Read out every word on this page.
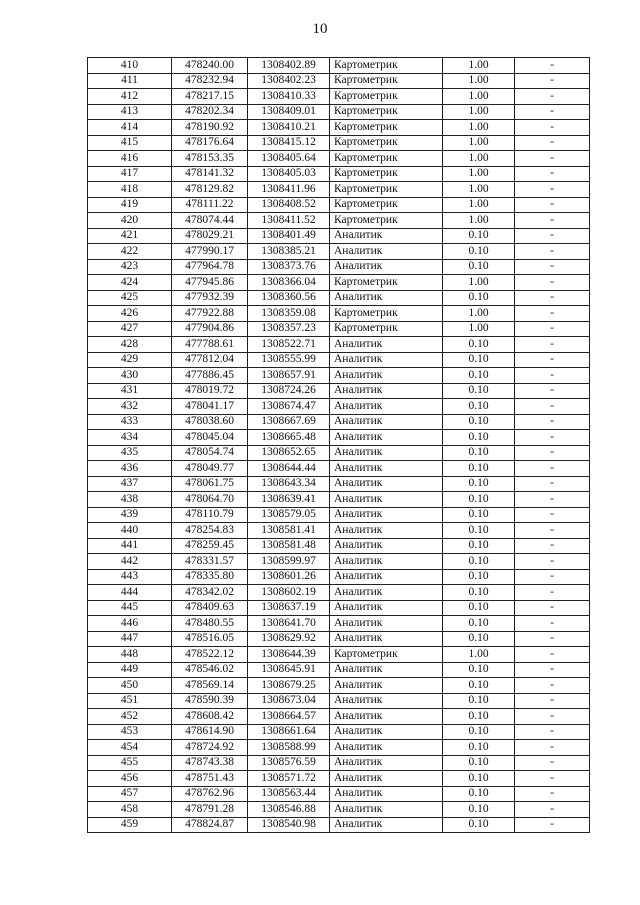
10
410	478240.00	1308402.89	Картометрик	1.00	-
411	478232.94	1308402.23	Картометрик	1.00	-
412	478217.15	1308410.33	Картометрик	1.00	-
413	478202.34	1308409.01	Картометрик	1.00	-
414	478190.92	1308410.21	Картометрик	1.00	-
415	478176.64	1308415.12	Картометрик	1.00	-
416	478153.35	1308405.64	Картометрик	1.00	-
417	478141.32	1308405.03	Картометрик	1.00	-
418	478129.82	1308411.96	Картометрик	1.00	-
419	478111.22	1308408.52	Картометрик	1.00	-
420	478074.44	1308411.52	Картометрик	1.00	-
421	478029.21	1308401.49	Аналитик	0.10	-
422	477990.17	1308385.21	Аналитик	0.10	-
423	477964.78	1308373.76	Аналитик	0.10	-
424	477945.86	1308366.04	Картометрик	1.00	-
425	477932.39	1308360.56	Аналитик	0.10	-
426	477922.88	1308359.08	Картометрик	1.00	-
427	477904.86	1308357.23	Картометрик	1.00	-
428	477788.61	1308522.71	Аналитик	0.10	-
429	477812.04	1308555.99	Аналитик	0.10	-
430	477886.45	1308657.91	Аналитик	0.10	-
431	478019.72	1308724.26	Аналитик	0.10	-
432	478041.17	1308674.47	Аналитик	0.10	-
433	478038.60	1308667.69	Аналитик	0.10	-
434	478045.04	1308665.48	Аналитик	0.10	-
435	478054.74	1308652.65	Аналитик	0.10	-
436	478049.77	1308644.44	Аналитик	0.10	-
437	478061.75	1308643.34	Аналитик	0.10	-
438	478064.70	1308639.41	Аналитик	0.10	-
439	478110.79	1308579.05	Аналитик	0.10	-
440	478254.83	1308581.41	Аналитик	0.10	-
441	478259.45	1308581.48	Аналитик	0.10	-
442	478331.57	1308599.97	Аналитик	0.10	-
443	478335.80	1308601.26	Аналитик	0.10	-
444	478342.02	1308602.19	Аналитик	0.10	-
445	478409.63	1308637.19	Аналитик	0.10	-
446	478480.55	1308641.70	Аналитик	0.10	-
447	478516.05	1308629.92	Аналитик	0.10	-
448	478522.12	1308644.39	Картометрик	1.00	-
449	478546.02	1308645.91	Аналитик	0.10	-
450	478569.14	1308679.25	Аналитик	0.10	-
451	478590.39	1308673.04	Аналитик	0.10	-
452	478608.42	1308664.57	Аналитик	0.10	-
453	478614.90	1308661.64	Аналитик	0.10	-
454	478724.92	1308588.99	Аналитик	0.10	-
455	478743.38	1308576.59	Аналитик	0.10	-
456	478751.43	1308571.72	Аналитик	0.10	-
457	478762.96	1308563.44	Аналитик	0.10	-
458	478791.28	1308546.88	Аналитик	0.10	-
459	478824.87	1308540.98	Аналитик	0.10	-
